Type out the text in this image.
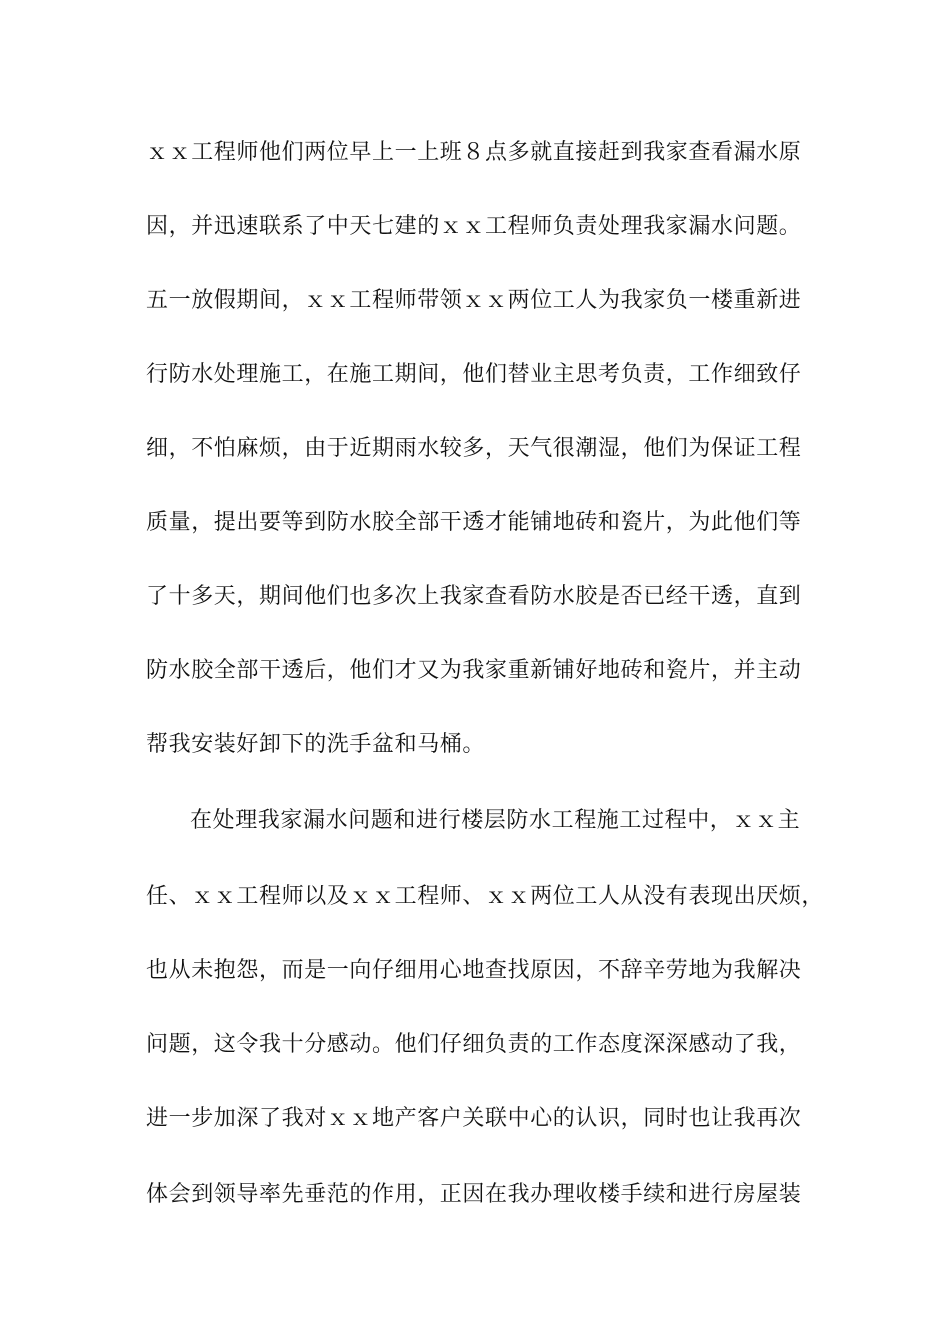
ｘｘ工程师他们两位早上一上班８点多就直接赶到我家查看漏水原
因，并迅速联系了中天七建的ｘｘ工程师负责处理我家漏水问题。
五一放假期间，ｘｘ工程师带领ｘｘ两位工人为我家负一楼重新进
行防水处理施工，在施工期间，他们替业主思考负责，工作细致仔
细，不怕麻烦，由于近期雨水较多，天气很潮湿，他们为保证工程
质量，提出要等到防水胶全部干透才能铺地砖和瓷片，为此他们等
了十多天，期间他们也多次上我家查看防水胶是否已经干透，直到
防水胶全部干透后，他们才又为我家重新铺好地砖和瓷片，并主动
帮我安装好卸下的洗手盆和马桶。
在处理我家漏水问题和进行楼层防水工程施工过程中，ｘｘ主
任、ｘｘ工程师以及ｘｘ工程师、ｘｘ两位工人从没有表现出厌烦，
也从未抱怨，而是一向仔细用心地查找原因，不辞辛劳地为我解决
问题，这令我十分感动。他们仔细负责的工作态度深深感动了我，
进一步加深了我对ｘｘ地产客户关联中心的认识，同时也让我再次
体会到领导率先垂范的作用，正因在我办理收楼手续和进行房屋装
